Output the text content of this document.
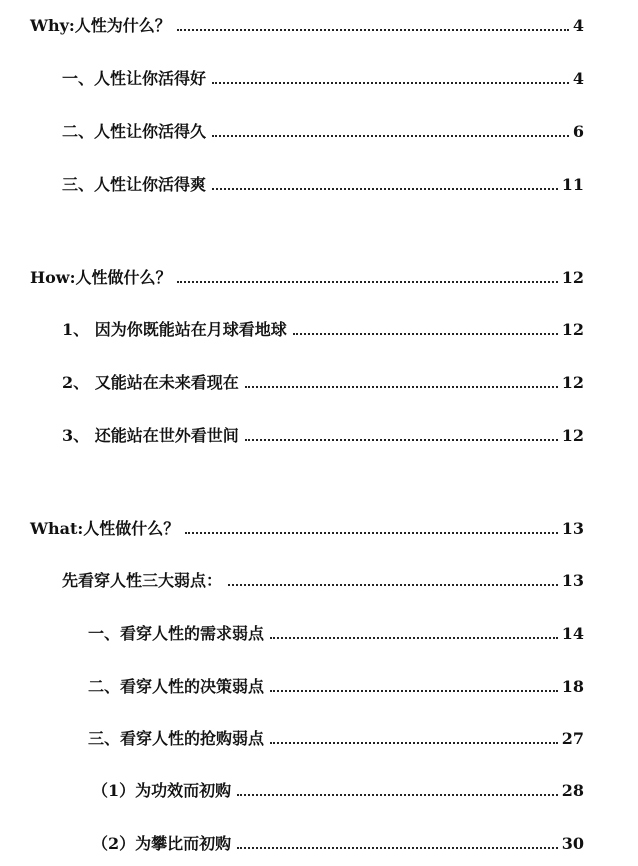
Why:人性为什么？	4
一、人性让你活得好	4
二、人性让你活得久	6
三、人性让你活得爽	11
How:人性做什么？	12
1、 因为你既能站在月球看地球	12
2、 又能站在未来看现在	12
3、 还能站在世外看世间	12
What:人性做什么？	13
先看穿人性三大弱点：	13
一、看穿人性的需求弱点	14
二、看穿人性的决策弱点	18
三、看穿人性的抢购弱点	27
（1）为功效而初购	28
（2）为攀比而初购	30
